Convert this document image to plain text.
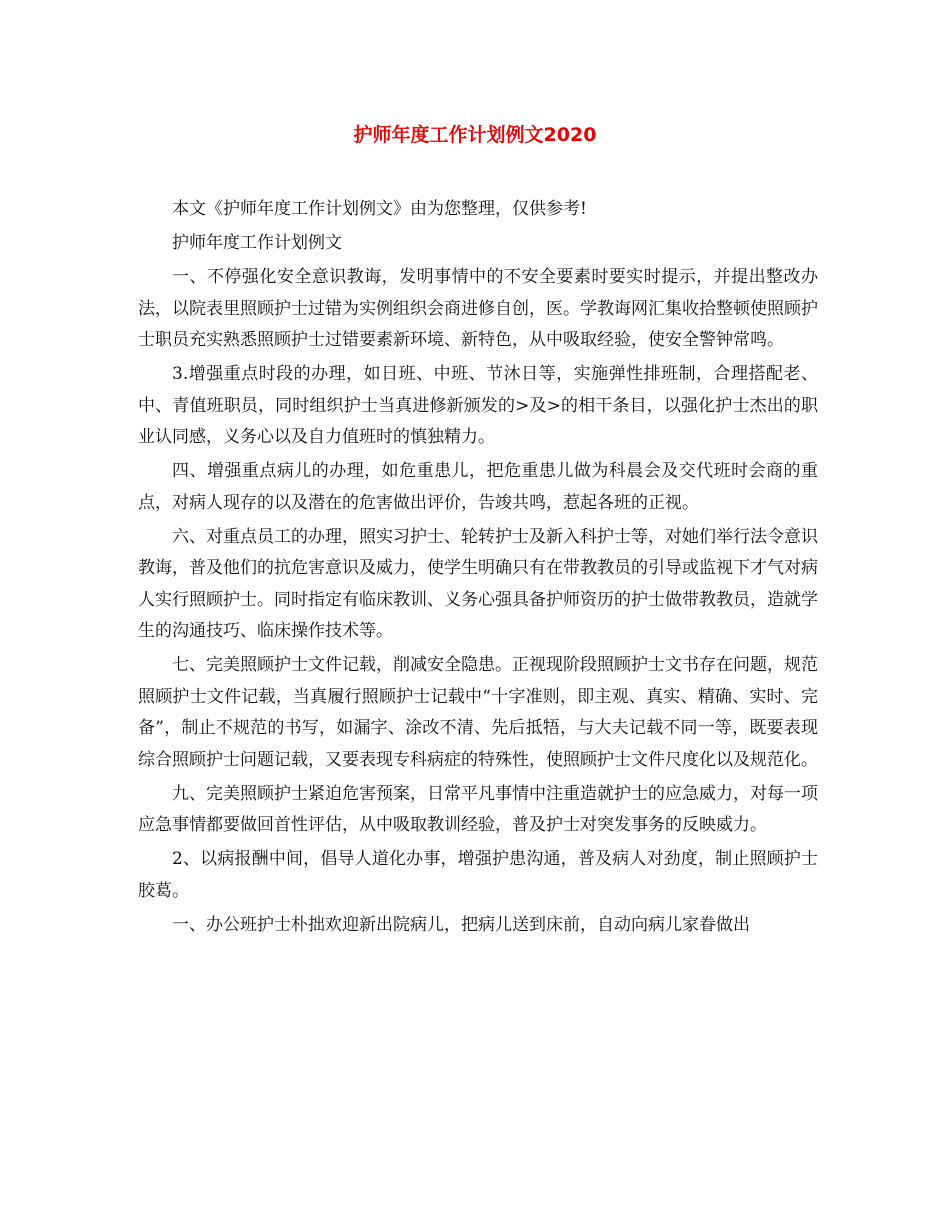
护师年度工作计划例文2020

本文《护师年度工作计划例文》由为您整理，仅供参考!

护师年度工作计划例文

一、不停强化安全意识教诲，发明事情中的不安全要素时要实时提示，并提出整改办法，以院表里照顾护士过错为实例组织会商进修自创，医。学教诲网汇集收拾整顿使照顾护士职员充实熟悉照顾护士过错要素新环境、新特色，从中吸取经验，使安全警钟常鸣。

3.增强重点时段的办理，如日班、中班、节沐日等，实施弹性排班制，合理搭配老、中、青值班职员，同时组织护士当真进修新颁发的>及>的相干条目，以强化护士杰出的职业认同感，义务心以及自力值班时的慎独精力。

四、增强重点病儿的办理，如危重患儿，把危重患儿做为科晨会及交代班时会商的重点，对病人现存的以及潜在的危害做出评价，告竣共鸣，惹起各班的正视。

六、对重点员工的办理，照实习护士、轮转护士及新入科护士等，对她们举行法令意识教诲，普及他们的抗危害意识及威力，使学生明确只有在带教教员的引导或监视下才气对病人实行照顾护士。同时指定有临床教训、义务心强具备护师资历的护士做带教教员，造就学生的沟通技巧、临床操作技术等。

七、完美照顾护士文件记载，削减安全隐患。正视现阶段照顾护士文书存在问题，规范照顾护士文件记载，当真履行照顾护士记载中“十字准则，即主观、真实、精确、实时、完备”，制止不规范的书写，如漏字、涂改不清、先后抵牾，与大夫记载不同一等，既要表现综合照顾护士问题记载，又要表现专科病症的特殊性，使照顾护士文件尺度化以及规范化。

九、完美照顾护士紧迫危害预案，日常平凡事情中注重造就护士的应急威力，对每一项应急事情都要做回首性评估，从中吸取教训经验，普及护士对突发事务的反映威力。

2、以病报酬中间，倡导人道化办事，增强护患沟通，普及病人对劲度，制止照顾护士胶葛。

一、办公班护士朴拙欢迎新出院病儿，把病儿送到床前，自动向病儿家眷做出
